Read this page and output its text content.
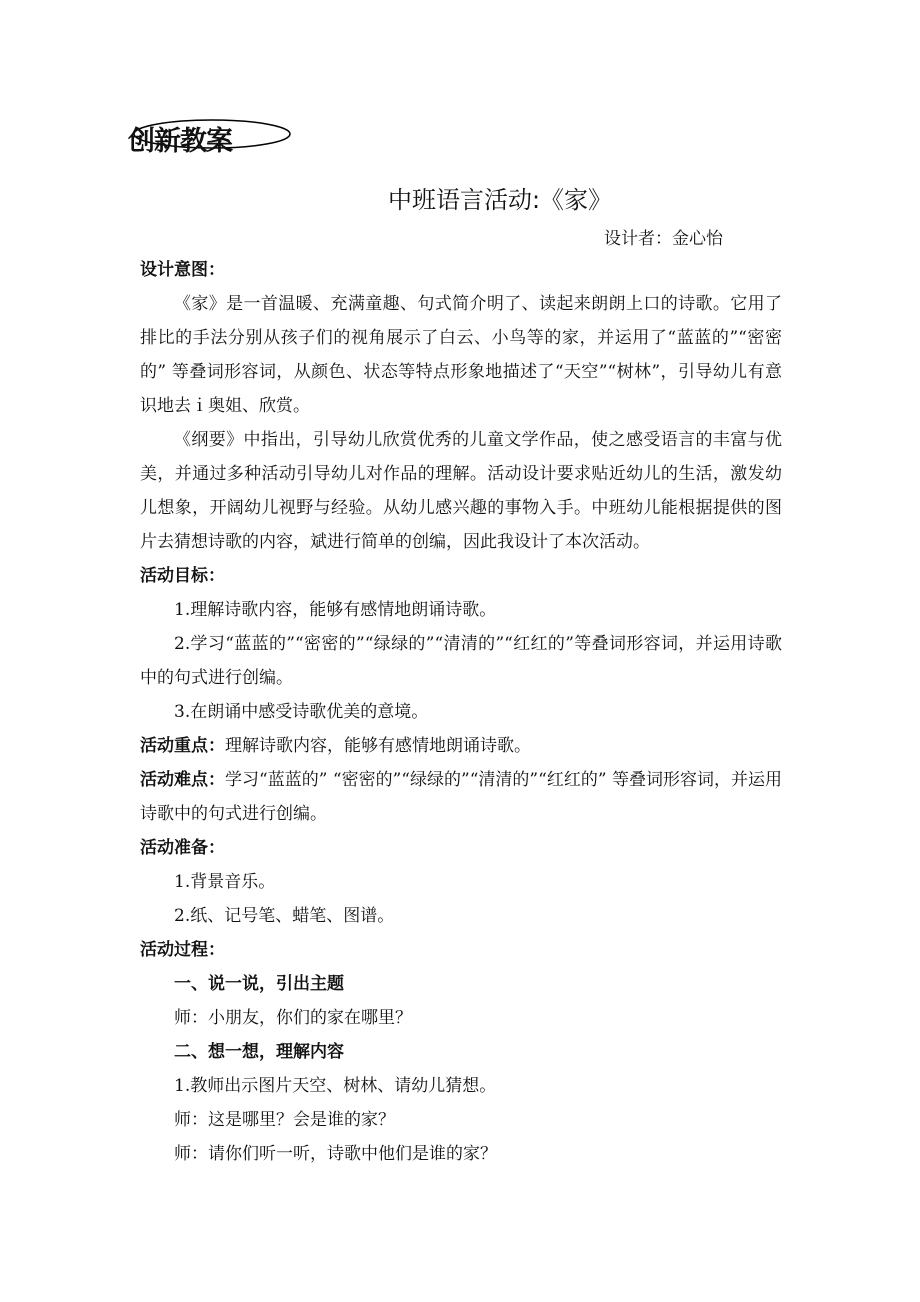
创新教案
中班语言活动:《家》
设计者：金心怡

设计意图：

《家》是一首温暖、充满童趣、句式简介明了、读起来朗朗上口的诗歌。它用了排比的手法分别从孩子们的视角展示了白云、小鸟等的家，并运用了“蓝蓝的”“密密的” 等叠词形容词，从颜色、状态等特点形象地描述了“天空”“树林”，引导幼儿有意识地去ｉ奥姐、欣赏。

《纲要》中指出，引导幼儿欣赏优秀的儿童文学作品，使之感受语言的丰富与优美，并通过多种活动引导幼儿对作品的理解。活动设计要求贴近幼儿的生活，激发幼儿想象，开阔幼儿视野与经验。从幼儿感兴趣的事物入手。中班幼儿能根据提供的图片去猜想诗歌的内容，斌进行简单的创编，因此我设计了本次活动。

活动目标：

1.理解诗歌内容，能够有感情地朗诵诗歌。

2.学习“蓝蓝的”“密密的”“绿绿的”“清清的”“红红的”等叠词形容词，并运用诗歌中的句式进行创编。

3.在朗诵中感受诗歌优美的意境。

活动重点：理解诗歌内容，能够有感情地朗诵诗歌。

活动难点：学习“蓝蓝的” “密密的”“绿绿的”“清清的”“红红的” 等叠词形容词，并运用诗歌中的句式进行创编。

活动准备：

1.背景音乐。

2.纸、记号笔、蜡笔、图谱。

活动过程：

一、说一说，引出主题

师：小朋友，你们的家在哪里？

二、想一想，理解内容

1.教师出示图片天空、树林、请幼儿猜想。

师：这是哪里？会是谁的家？

师：请你们听一听，诗歌中他们是谁的家？
